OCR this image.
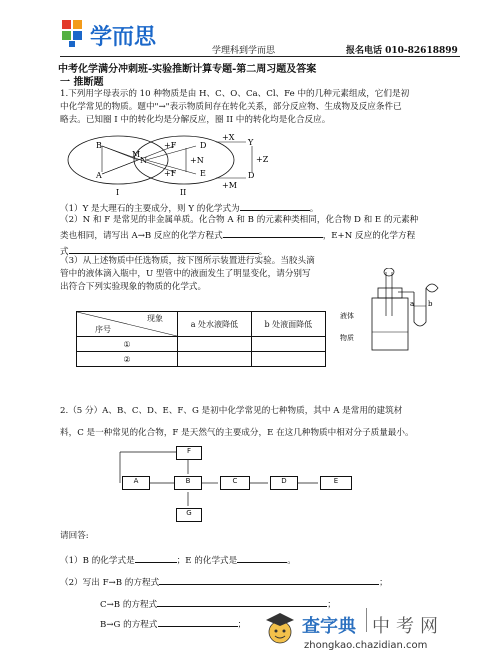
学而思
学理科到学而思	报名电话 010-82618899
中考化学满分冲刺班-实验推断计算专题-第二周习题及答案
一 推断题
1.下列用字母表示的 10 种物质是由 H、C、O、Ca、Cl、Fe 中的几种元素组成，它们是初
中化学常见的物质。题中"→"表示物质间存在转化关系，部分反应物、生成物及反应条件已
略去。已知圈 I 中的转化均是分解反应，圈 II 中的转化均是化合反应。
B
A
M
N
+F	D
+F
+N
E
+X
Y
+Z
+M
D
I	II
（1）Y 是大理石的主要成分，则 Y 的化学式为	。
（2）N 和 F 是常见的非金属单质。化合物 A 和 B 的元素种类相同，化合物 D 和 E 的元素种
类也相同，请写出 A→B 反应的化学方程式	，E+N 反应的化学方程
式	。
（3）从上述物质中任选物质，按下图所示装置进行实验。当胶头滴
管中的液体滴入瓶中，U 型管中的液面发生了明显变化，请分别写
出符合下列实验现象的物质的化学式。
a b
液体
物质
现象
序号	a 处水液降低	b 处液面降低
①		
②		
2.（5 分）A、B、C、D、E、F、G 是初中化学常见的七种物质，其中 A 是常用的建筑材
料，C 是一种常见的化合物，F 是天然气的主要成分，E 在这几种物质中相对分子质量最小。
F
A	B	C	D	E
G
请回答:
（1）B 的化学式是	；E 的化学式是	。
（2）写出 F→B 的方程式	；
C→B 的方程式	；
B→G 的方程式	；	查字典 中考网
zhongkao.chazidian.com
